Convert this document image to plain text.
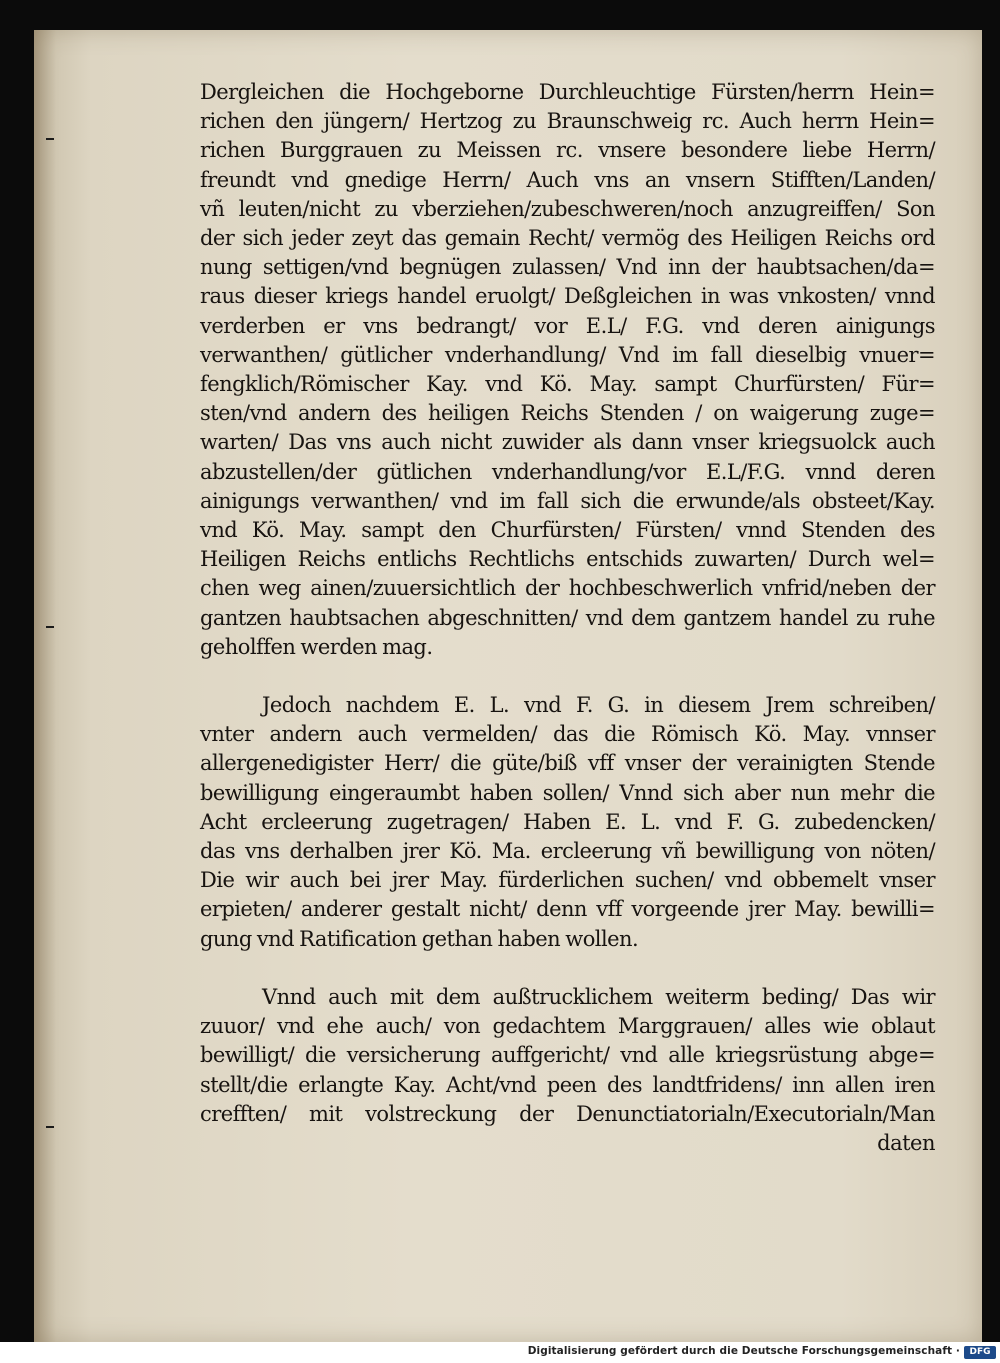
Dergleichen die Hochgeborne Durchleuchtige Fürsten/herrn Hein=
richen den jüngern/ Hertzog zu Braunschweig rc. Auch herrn Hein=
richen Burggrauen zu Meissen rc. vnsere besondere liebe Herrn/
freundt vnd gnedige Herrn/ Auch vns an vnsern Stifften/Landen/
vñ leuten/nicht zu vberziehen/zubeschweren/noch anzugreiffen/ Son
der sich jeder zeyt das gemain Recht/ vermög des Heiligen Reichs ord
nung settigen/vnd begnügen zulassen/ Vnd inn der haubtsachen/da=
raus dieser kriegs handel eruolgt/ Deßgleichen in was vnkosten/ vnnd
verderben er vns bedrangt/ vor E.L/ F.G. vnd deren ainigungs
verwanthen/ gütlicher vnderhandlung/ Vnd im fall dieselbig vnuer=
fengklich/Römischer Kay. vnd Kö. May. sampt Churfürsten/ Für=
sten/vnd andern des heiligen Reichs Stenden / on waigerung zuge=
warten/ Das vns auch nicht zuwider als dann vnser kriegsuolck auch
abzustellen/der gütlichen vnderhandlung/vor E.L/F.G. vnnd deren
ainigungs verwanthen/ vnd im fall sich die erwunde/als obsteet/Kay.
vnd Kö. May. sampt den Churfürsten/ Fürsten/ vnnd Stenden des
Heiligen Reichs entlichs Rechtlichs entschids zuwarten/ Durch wel=
chen weg ainen/zuuersichtlich der hochbeschwerlich vnfrid/neben der
gantzen haubtsachen abgeschnitten/ vnd dem gantzem handel zu ruhe
geholffen werden mag.
Jedoch nachdem E. L. vnd F. G. in diesem Jrem schreiben/
vnter andern auch vermelden/ das die Römisch Kö. May. vnnser
allergenedigister Herr/ die güte/biß vff vnser der verainigten Stende
bewilligung eingeraumbt haben sollen/ Vnnd sich aber nun mehr die
Acht ercleerung zugetragen/ Haben E. L. vnd F. G. zubedencken/
das vns derhalben jrer Kö. Ma. ercleerung vñ bewilligung von nöten/
Die wir auch bei jrer May. fürderlichen suchen/ vnd obbemelt vnser
erpieten/ anderer gestalt nicht/ denn vff vorgeende jrer May. bewilli=
gung vnd Ratification gethan haben wollen.
Vnnd auch mit dem außtrucklichem weiterm beding/ Das wir
zuuor/ vnd ehe auch/ von gedachtem Marggrauen/ alles wie oblaut
bewilligt/ die versicherung auffgericht/ vnd alle kriegsrüstung abge=
stellt/die erlangte Kay. Acht/vnd peen des landtfridens/ inn allen iren
crefften/ mit volstreckung der Denunctiatorialn/Executorialn/Man
daten
Digitalisierung gefördert durch die Deutsche Forschungsgemeinschaft ·	DFG
